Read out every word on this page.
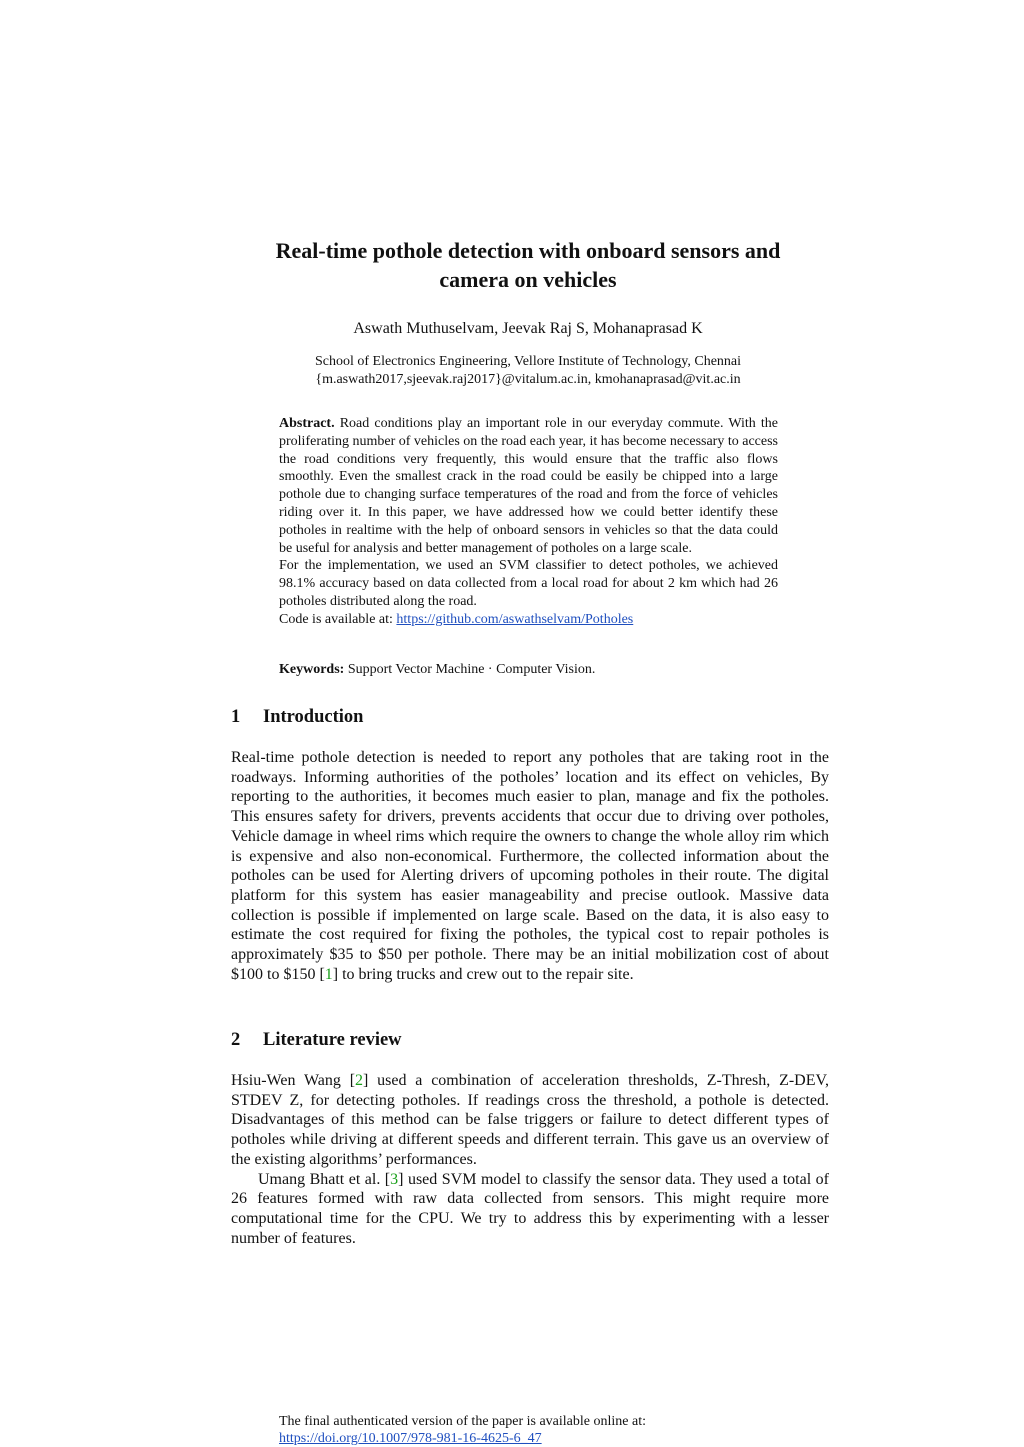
Real-time pothole detection with onboard sensors and
camera on vehicles
Aswath Muthuselvam, Jeevak Raj S, Mohanaprasad K
School of Electronics Engineering, Vellore Institute of Technology, Chennai
{m.aswath2017,sjeevak.raj2017}@vitalum.ac.in, kmohanaprasad@vit.ac.in

Abstract. Road conditions play an important role in our everyday commute. With the proliferating number of vehicles on the road each year, it has become necessary to access the road conditions very frequently, this would ensure that the traffic also flows smoothly. Even the smallest crack in the road could be easily be chipped into a large pothole due to changing surface temperatures of the road and from the force of vehicles riding over it. In this paper, we have addressed how we could better identify these potholes in realtime with the help of onboard sensors in vehicles so that the data could be useful for analysis and better management of potholes on a large scale.

For the implementation, we used an SVM classifier to detect potholes, we achieved 98.1% accuracy based on data collected from a local road for about 2 km which had 26 potholes distributed along the road.

Code is available at: https://github.com/aswathselvam/Potholes

Keywords: Support Vector Machine · Computer Vision.
1 Introduction

Real-time pothole detection is needed to report any potholes that are taking root in the roadways. Informing authorities of the potholes’ location and its effect on vehicles, By reporting to the authorities, it becomes much easier to plan, manage and fix the potholes. This ensures safety for drivers, prevents accidents that occur due to driving over potholes, Vehicle damage in wheel rims which require the owners to change the whole alloy rim which is expensive and also non-economical. Furthermore, the collected information about the potholes can be used for Alerting drivers of upcoming potholes in their route. The digital platform for this system has easier manageability and precise outlook. Massive data collection is possible if implemented on large scale. Based on the data, it is also easy to estimate the cost required for fixing the potholes, the typical cost to repair potholes is approximately $35 to $50 per pothole. There may be an initial mobilization cost of about $100 to $150 [1] to bring trucks and crew out to the repair site.

2 Literature review

Hsiu-Wen Wang [2] used a combination of acceleration thresholds, Z-Thresh, Z-DEV, STDEV Z, for detecting potholes. If readings cross the threshold, a pothole is detected. Disadvantages of this method can be false triggers or failure to detect different types of potholes while driving at different speeds and different terrain. This gave us an overview of the existing algorithms’ performances.

Umang Bhatt et al. [3] used SVM model to classify the sensor data. They used a total of 26 features formed with raw data collected from sensors. This might require more computational time for the CPU. We try to address this by experimenting with a lesser number of features.

The final authenticated version of the paper is available online at:
https://doi.org/10.1007/978-981-16-4625-6_47
